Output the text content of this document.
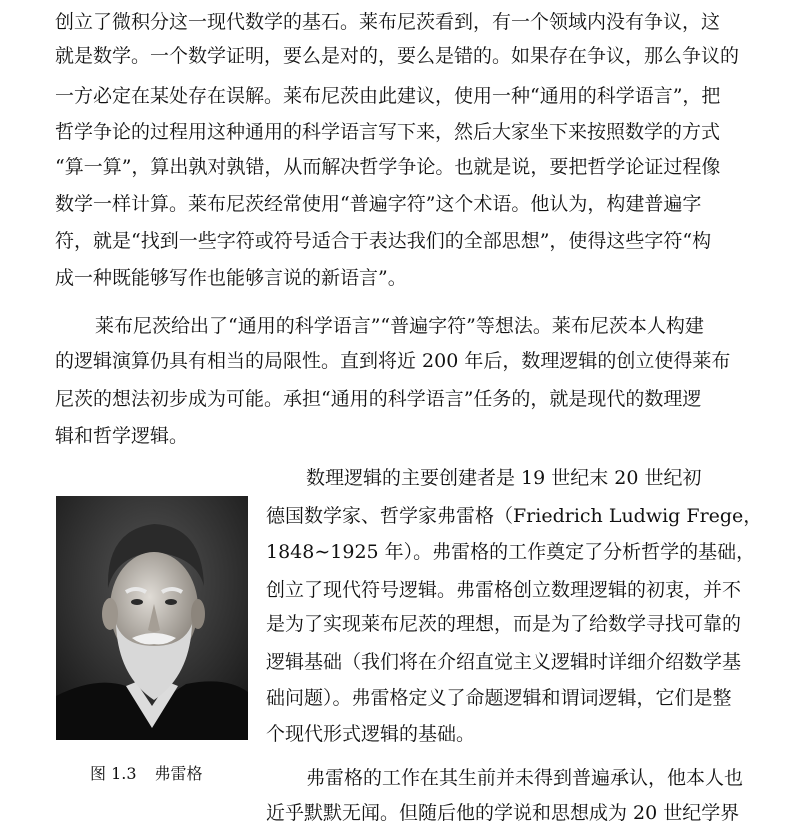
创立了微积分这一现代数学的基石。莱布尼茨看到，有一个领域内没有争议，这
就是数学。一个数学证明，要么是对的，要么是错的。如果存在争议，那么争议的
一方必定在某处存在误解。莱布尼茨由此建议，使用一种“通用的科学语言”，把
哲学争论的过程用这种通用的科学语言写下来，然后大家坐下来按照数学的方式
“算一算”，算出孰对孰错，从而解决哲学争论。也就是说，要把哲学论证过程像
数学一样计算。莱布尼茨经常使用“普遍字符”这个术语。他认为，构建普遍字
符，就是“找到一些字符或符号适合于表达我们的全部思想”，使得这些字符“构
成一种既能够写作也能够言说的新语言”。
莱布尼茨给出了“通用的科学语言”“普遍字符”等想法。莱布尼茨本人构建
的逻辑演算仍具有相当的局限性。直到将近 200 年后，数理逻辑的创立使得莱布
尼茨的想法初步成为可能。承担“通用的科学语言”任务的，就是现代的数理逻
辑和哲学逻辑。
数理逻辑的主要创建者是 19 世纪末 20 世纪初
德国数学家、哲学家弗雷格（Friedrich Ludwig Frege，
1848∼1925 年）。弗雷格的工作奠定了分析哲学的基础，
创立了现代符号逻辑。弗雷格创立数理逻辑的初衷，并不
是为了实现莱布尼茨的理想，而是为了给数学寻找可靠的
逻辑基础（我们将在介绍直觉主义逻辑时详细介绍数学基
础问题）。弗雷格定义了命题逻辑和谓词逻辑，它们是整
个现代形式逻辑的基础。
图 1.3 弗雷格	弗雷格的工作在其生前并未得到普遍承认，他本人也
近乎默默无闻。但随后他的学说和思想成为 20 世纪学界
